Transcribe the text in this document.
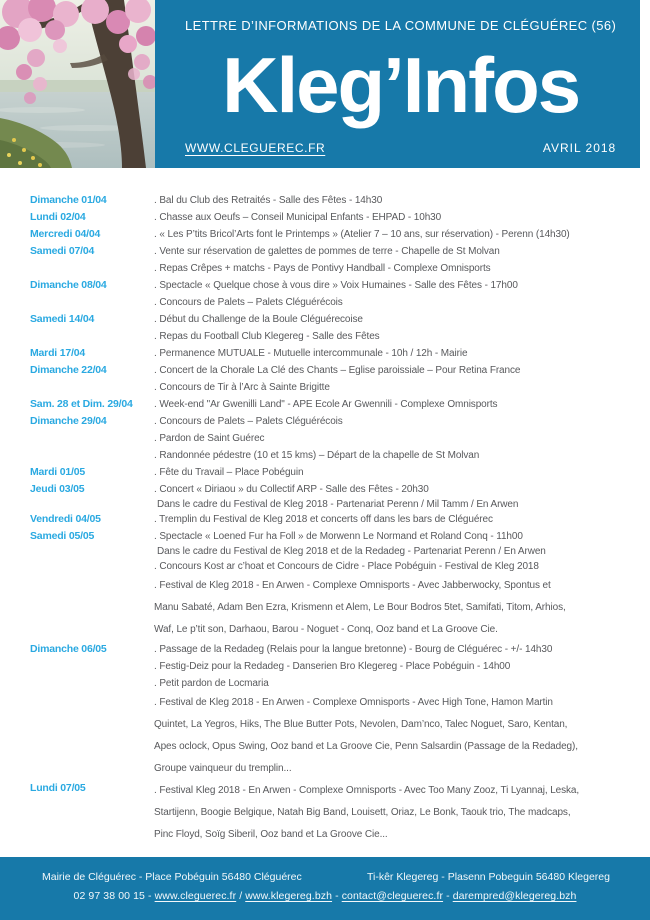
LETTRE D’INFORMATIONS DE LA COMMUNE DE CLÉGUÉREC (56)
Kleg’Infos
WWW.CLEGUEREC.FR	AVRIL 2018
Dimanche 01/04	. Bal du Club des Retraités - Salle des Fêtes - 14h30
Lundi 02/04	. Chasse aux Oeufs – Conseil Municipal Enfants - EHPAD - 10h30
Mercredi 04/04	. « Les P’tits Bricol’Arts font le Printemps » (Atelier 7 – 10 ans, sur réservation) - Perenn (14h30)
Samedi 07/04	. Vente sur réservation de galettes de pommes de terre - Chapelle de St Molvan
. Repas Crêpes + matchs - Pays de Pontivy Handball - Complexe Omnisports
Dimanche 08/04	. Spectacle « Quelque chose à vous dire » Voix Humaines - Salle des Fêtes - 17h00
. Concours de Palets – Palets Cléguérécois
Samedi 14/04	. Début du Challenge de la Boule Cléguérecoise
. Repas du Football Club Klegereg - Salle des Fêtes
Mardi 17/04	. Permanence MUTUALE - Mutuelle intercommunale - 10h / 12h - Mairie
Dimanche 22/04	. Concert de la Chorale La Clé des Chants – Eglise paroissiale – Pour Retina France
. Concours de Tir à l’Arc à Sainte Brigitte
Sam. 28 et Dim. 29/04	. Week-end "Ar Gwenilli Land" - APE Ecole Ar Gwennili - Complexe Omnisports
Dimanche 29/04	. Concours de Palets – Palets Cléguérécois
. Pardon de Saint Guérec
. Randonnée pédestre (10 et 15 kms) – Départ de la chapelle de St Molvan
Mardi 01/05	. Fête du Travail – Place Pobéguin
Jeudi 03/05	. Concert « Diriaou » du Collectif ARP - Salle des Fêtes - 20h30
Dans le cadre du Festival de Kleg 2018 - Partenariat Perenn / Mil Tamm / En Arwen
Vendredi 04/05	. Tremplin du Festival de Kleg 2018 et concerts off dans les bars de Cléguérec
Samedi 05/05	. Spectacle « Loened Fur ha Foll » de Morwenn Le Normand et Roland Conq - 11h00
Dans le cadre du Festival de Kleg 2018 et de la Redadeg - Partenariat Perenn / En Arwen
. Concours Kost ar c’hoat et Concours de Cidre - Place Pobéguin - Festival de Kleg 2018
. Festival de Kleg 2018 - En Arwen - Complexe Omnisports - Avec Jabberwocky, Spontus et
Manu Sabaté, Adam Ben Ezra, Krismenn et Alem, Le Bour Bodros 5tet, Samifati, Titom, Arhios,
Waf, Le p’tit son, Darhaou, Barou - Noguet - Conq, Ooz band et La Groove Cie.
Dimanche 06/05	. Passage de la Redadeg (Relais pour la langue bretonne) - Bourg de Cléguérec - +/- 14h30
. Festig-Deiz pour la Redadeg - Danserien Bro Klegereg - Place Pobéguin - 14h00
. Petit pardon de Locmaria
. Festival de Kleg 2018 - En Arwen - Complexe Omnisports - Avec High Tone, Hamon Martin
Quintet, La Yegros, Hiks, The Blue Butter Pots, Nevolen, Dam’nco, Talec Noguet, Saro, Kentan,
Apes oclock, Opus Swing, Ooz band et La Groove Cie, Penn Salsardin (Passage de la Redadeg),
Groupe vainqueur du tremplin...
Lundi 07/05	. Festival Kleg 2018 - En Arwen - Complexe Omnisports - Avec Too Many Zooz, Ti Lyannaj, Leska,
Startijenn, Boogie Belgique, Natah Big Band, Louisett, Oriaz, Le Bonk, Taouk trio, The madcaps,
Pinc Floyd, Soïg Siberil, Ooz band et La Groove Cie...
Mairie de Cléguérec - Place Pobéguin 56480 Cléguérec	Ti-kêr Klegereg - Plasenn Pobeguin 56480 Klegereg
02 97 38 00 15 - www.cleguerec.fr / www.klegereg.bzh - contact@cleguerec.fr - darempred@klegereg.bzh
